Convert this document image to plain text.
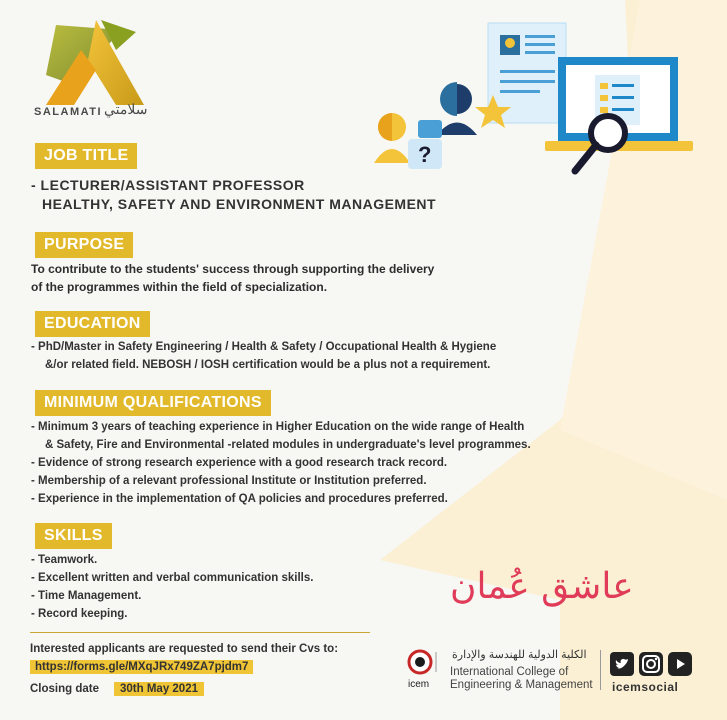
SALAMATI سلامتي
?
JOB TITLE
- LECTURER/ASSISTANT PROFESSOR
HEALTHY, SAFETY AND ENVIRONMENT MANAGEMENT
PURPOSE
To contribute to the students' success through supporting the delivery
of the programmes within the field of specialization.
EDUCATION
- PhD/Master in Safety Engineering / Health & Safety / Occupational Health & Hygiene
&/or related field. NEBOSH / IOSH certification would be a plus not a requirement.
MINIMUM QUALIFICATIONS
- Minimum 3 years of teaching experience in Higher Education on the wide range of Health
& Safety, Fire and Environmental -related modules in undergraduate's level programmes.
- Evidence of strong research experience with a good research track record.
- Membership of a relevant professional Institute or Institution preferred.
- Experience in the implementation of QA policies and procedures preferred.
SKILLS
- Teamwork.
- Excellent written and verbal communication skills.
- Time Management.
- Record keeping.
Interested applicants are requested to send their Cvs to:
https://forms.gle/MXqJRx749ZA7pjdm7
Closing date	30th May 2021
عاشق عُمان
icem
الكلية الدولية للهندسة والإدارة
International College of
Engineering & Management icemsocial
